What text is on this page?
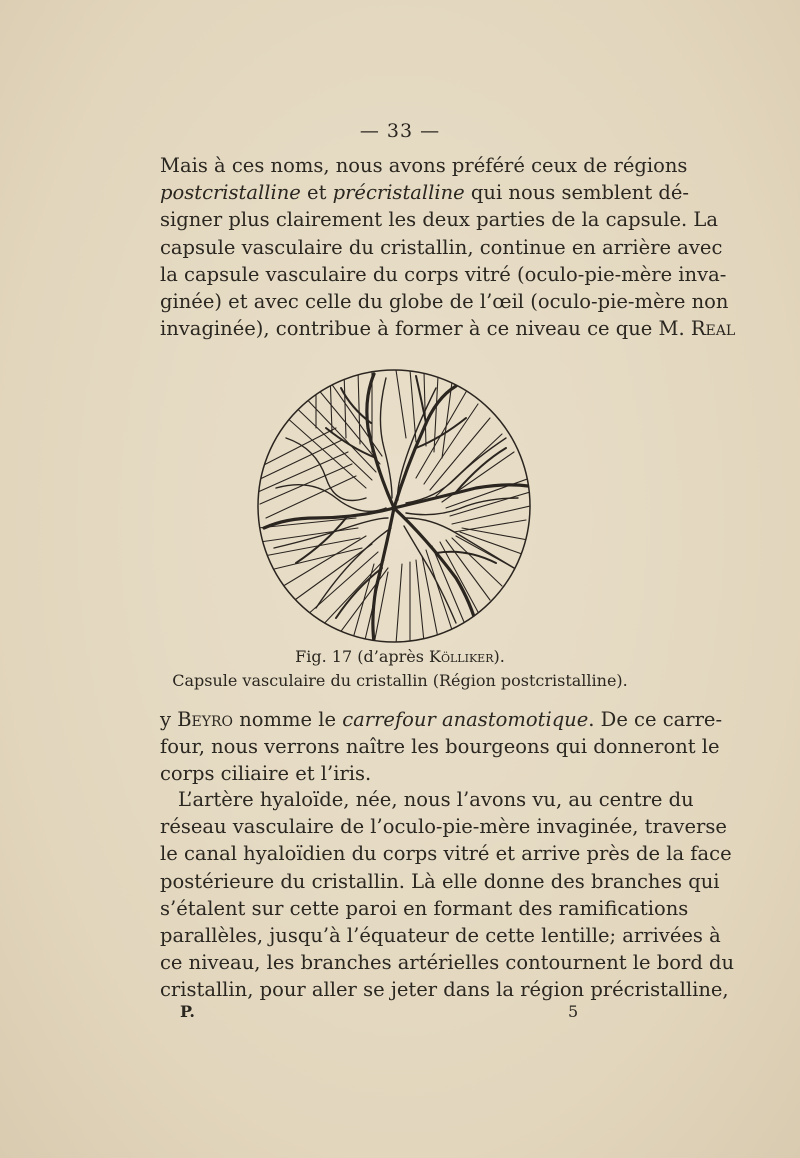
— 33 —

Mais à ces noms, nous avons préféré ceux de régions
postcristalline et précristalline qui nous semblent dé-
signer plus clairement les deux parties de la capsule. La
capsule vasculaire du cristallin, continue en arrière avec
la capsule vasculaire du corps vitré (oculo-pie-mère inva-
ginée) et avec celle du globe de l’œil (oculo-pie-mère non
invaginée), contribue à former à ce niveau ce que M. Real

Fig. 17 (d’après Kölliker).
Capsule vasculaire du cristallin (Région postcristalline).

y Beyro nomme le carrefour anastomotique. De ce carre-
four, nous verrons naître les bourgeons qui donneront le
corps ciliaire et l’iris.

L’artère hyaloïde, née, nous l’avons vu, au centre du
réseau vasculaire de l’oculo-pie-mère invaginée, traverse
le canal hyaloïdien du corps vitré et arrive près de la face
postérieure du cristallin. Là elle donne des branches qui
s’étalent sur cette paroi en formant des ramifications
parallèles, jusqu’à l’équateur de cette lentille; arrivées à
ce niveau, les branches artérielles contournent le bord du
cristallin, pour aller se jeter dans la région précristalline,

P.	5
